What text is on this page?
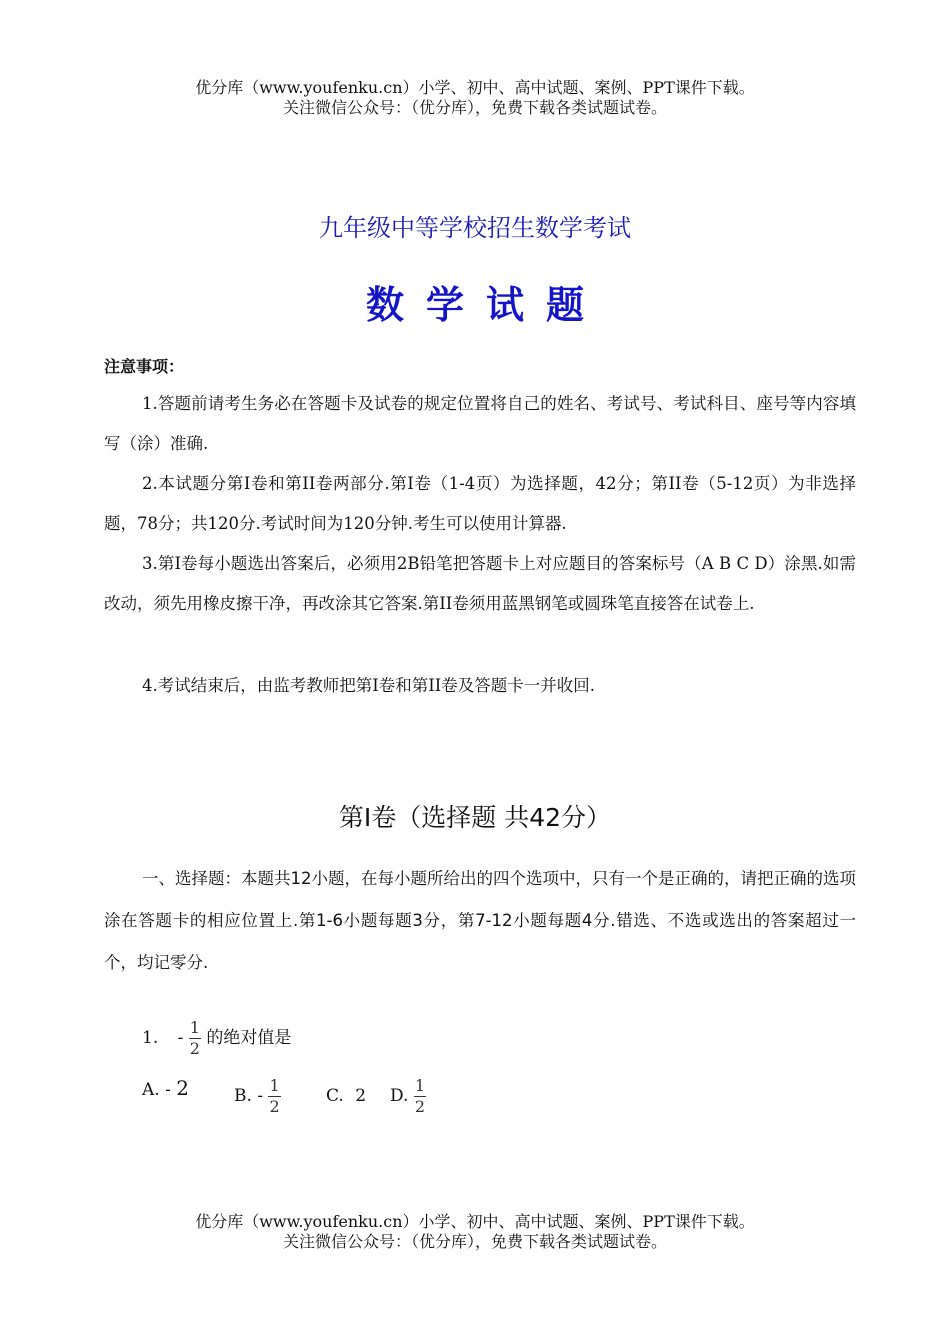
优分库（www.youfenku.cn）小学、初中、高中试题、案例、PPT课件下载。
关注微信公众号：（优分库），免费下载各类试题试卷。
九年级中等学校招生数学考试
数学试题
注意事项：
1.答题前请考生务必在答题卡及试卷的规定位置将自己的姓名、考试号、考试科目、座号等内容填写（涂）准确.
2.本试题分第I卷和第II卷两部分.第I卷（1-4页）为选择题，42分；第II卷（5-12页）为非选择题，78分；共120分.考试时间为120分钟.考生可以使用计算器.
3.第I卷每小题选出答案后，必须用2B铅笔把答题卡上对应题目的答案标号（A B C D）涂黑.如需改动，须先用橡皮擦干净，再改涂其它答案.第II卷须用蓝黑钢笔或圆珠笔直接答在试卷上.
4.考试结束后，由监考教师把第I卷和第II卷及答题卡一并收回.
第I卷（选择题 共42分）
一、选择题：本题共12小题，在每小题所给出的四个选项中，只有一个是正确的，请把正确的选项涂在答题卡的相应位置上.第1-6小题每题3分，第7-12小题每题4分.错选、不选或选出的答案超过一个，均记零分.
1. - $\frac{1}{2}$ 的绝对值是
A. - 2	B. - $\frac{1}{2}$	C. 2 D. $\frac{1}{2}$
优分库（www.youfenku.cn）小学、初中、高中试题、案例、PPT课件下载。
关注微信公众号：（优分库），免费下载各类试题试卷。
